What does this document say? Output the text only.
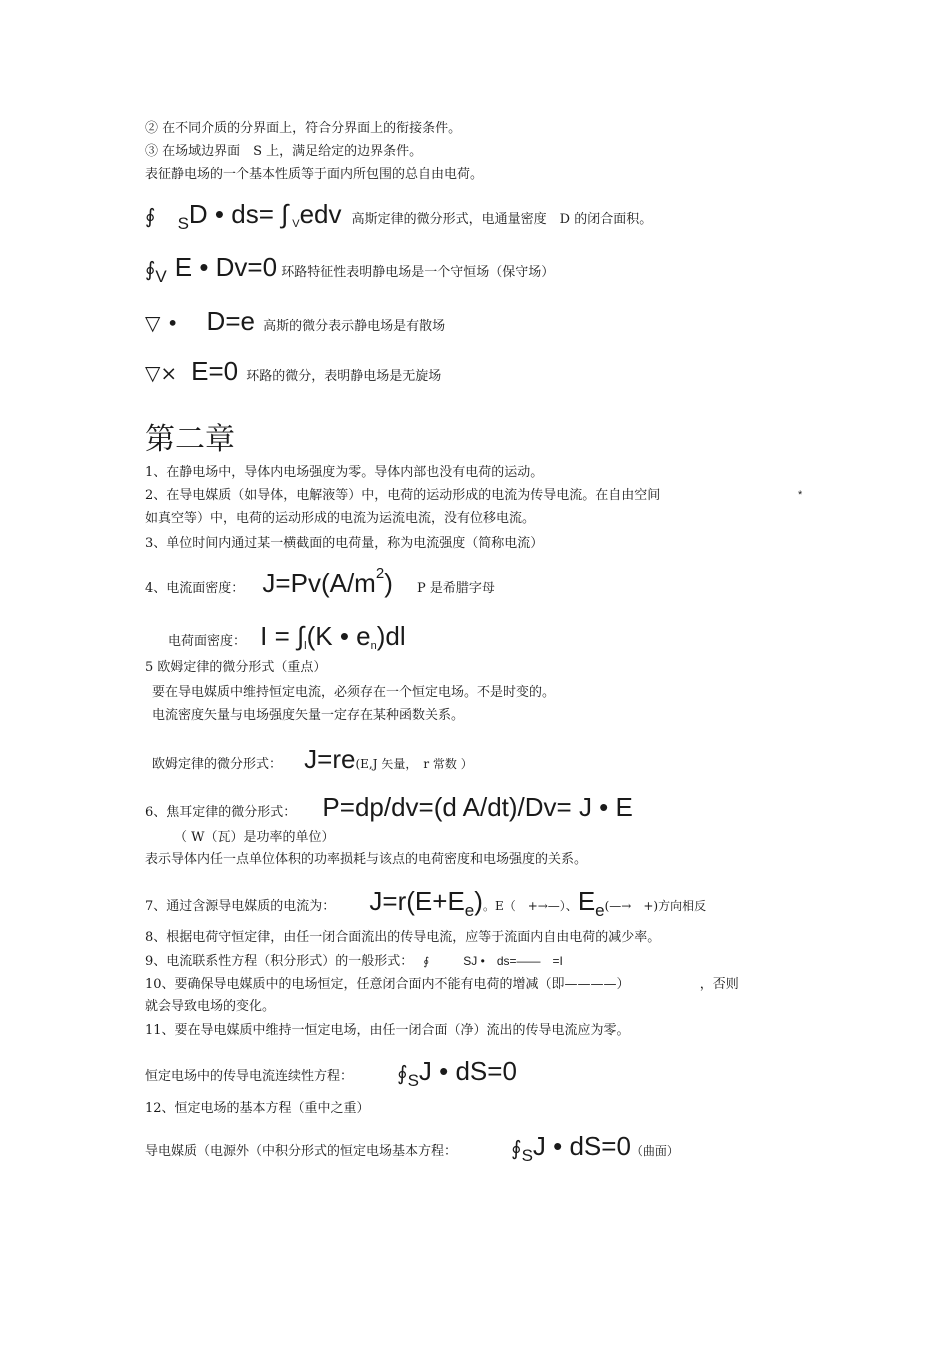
② 在不同介质的分界面上，符合分界面上的衔接条件。
③ 在场域边界面　S 上，满足给定的边界条件。
表征静电场的一个基本性质等于面内所包围的总自由电荷。
∮ SD • ds= ∫ $_V$edv 高斯定律的微分形式，电通量密度　D 的闭合面积。
∮V E • Dv=0 环路特征性表明静电场是一个守恒场（保守场）
▽ • D=e 高斯的微分表示静电场是有散场
▽× E=0 环路的微分，表明静电场是无旋场
第二章
1、在静电场中，导体内电场强度为零。导体内部也没有电荷的运动。
2、在导电媒质（如导体，电解液等）中，电荷的运动形成的电流为传导电流。在自由空间	*
如真空等）中，电荷的运动形成的电流为运流电流，没有位移电流。
3、单位时间内通过某一横截面的电荷量，称为电流强度（简称电流）
4、电流面密度： J=Pv(A/m2) P 是希腊字母
电荷面密度： $I = \int_l(K$ • $e_n)dl$
5 欧姆定律的微分形式（重点）
要在导电媒质中维持恒定电流，必须存在一个恒定电场。不是时变的。
电流密度矢量与电场强度矢量一定存在某种函数关系。
欧姆定律的微分形式： J=re(E,J 矢量，　r 常数 ）
6、焦耳定律的微分形式： P=dp/dv=(d A/dt)/Dv= J • E
（ W（瓦）是功率的单位）
表示导体内任一点单位体积的功率损耗与该点的电荷密度和电场强度的关系。
7、通过含源导电媒质的电流为： J=r(E+Ee)。E（　+→—）、Ee(—→　+)方向相反
8、根据电荷守恒定律，由任一闭合面流出的传导电流，应等于流面内自由电荷的减少率。
9、电流联系性方程（积分形式）的一般形式： ∮	SJ •　ds=——　=I
10、要确保导电媒质中的电场恒定，任意闭合面内不能有电荷的增减（即————）	，否则
就会导致电场的变化。
11、要在导电媒质中维持一恒定电场，由任一闭合面（净）流出的传导电流应为零。
恒定电场中的传导电流连续性方程： ∮SJ • dS=0
12、恒定电场的基本方程（重中之重）
导电媒质（电源外（中积分形式的恒定电场基本方程：	∮SJ • dS=0（曲面）
